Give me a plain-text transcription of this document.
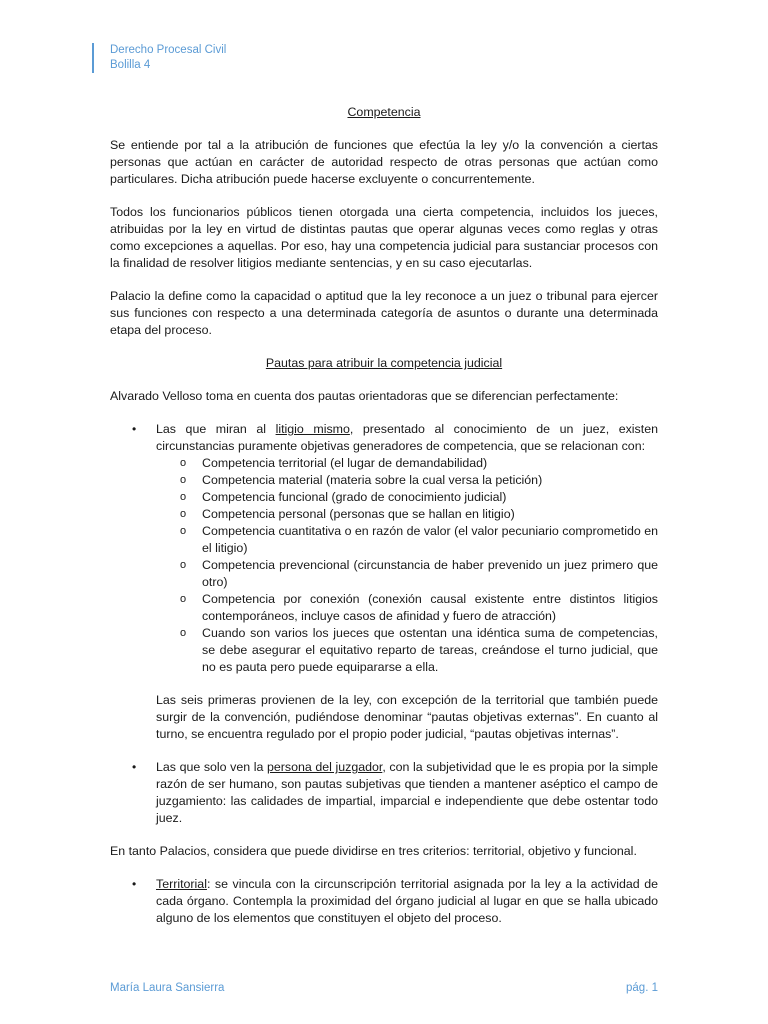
Derecho Procesal Civil
Bolilla 4
Competencia

Se entiende por tal a la atribución de funciones que efectúa la ley y/o la convención a ciertas personas que actúan en carácter de autoridad respecto de otras personas que actúan como particulares. Dicha atribución puede hacerse excluyente o concurrentemente.

Todos los funcionarios públicos tienen otorgada una cierta competencia, incluidos los jueces, atribuidas por la ley en virtud de distintas pautas que operar algunas veces como reglas y otras como excepciones a aquellas. Por eso, hay una competencia judicial para sustanciar procesos con la finalidad de resolver litigios mediante sentencias, y en su caso ejecutarlas.

Palacio la define como la capacidad o aptitud que la ley reconoce a un juez o tribunal para ejercer sus funciones con respecto a una determinada categoría de asuntos o durante una determinada etapa del proceso.

Pautas para atribuir la competencia judicial

Alvarado Velloso toma en cuenta dos pautas orientadoras que se diferencian perfectamente:

• Las que miran al litigio mismo, presentado al conocimiento de un juez, existen circunstancias puramente objetivas generadores de competencia, que se relacionan con:
o Competencia territorial (el lugar de demandabilidad)
o Competencia material (materia sobre la cual versa la petición)
o Competencia funcional (grado de conocimiento judicial)
o Competencia personal (personas que se hallan en litigio)
o Competencia cuantitativa o en razón de valor (el valor pecuniario comprometido en el litigio)
o Competencia prevencional (circunstancia de haber prevenido un juez primero que otro)
o Competencia por conexión (conexión causal existente entre distintos litigios contemporáneos, incluye casos de afinidad y fuero de atracción)
o Cuando son varios los jueces que ostentan una idéntica suma de competencias, se debe asegurar el equitativo reparto de tareas, creándose el turno judicial, que no es pauta pero puede equipararse a ella.
Las seis primeras provienen de la ley, con excepción de la territorial que también puede surgir de la convención, pudiéndose denominar “pautas objetivas externas”. En cuanto al turno, se encuentra regulado por el propio poder judicial, “pautas objetivas internas”.
• Las que solo ven la persona del juzgador, con la subjetividad que le es propia por la simple razón de ser humano, son pautas subjetivas que tienden a mantener aséptico el campo de juzgamiento: las calidades de impartial, imparcial e independiente que debe ostentar todo juez.

En tanto Palacios, considera que puede dividirse en tres criterios: territorial, objetivo y funcional.

• Territorial: se vincula con la circunscripción territorial asignada por la ley a la actividad de cada órgano. Contempla la proximidad del órgano judicial al lugar en que se halla ubicado alguno de los elementos que constituyen el objeto del proceso.
María Laura Sansierra	pág. 1
